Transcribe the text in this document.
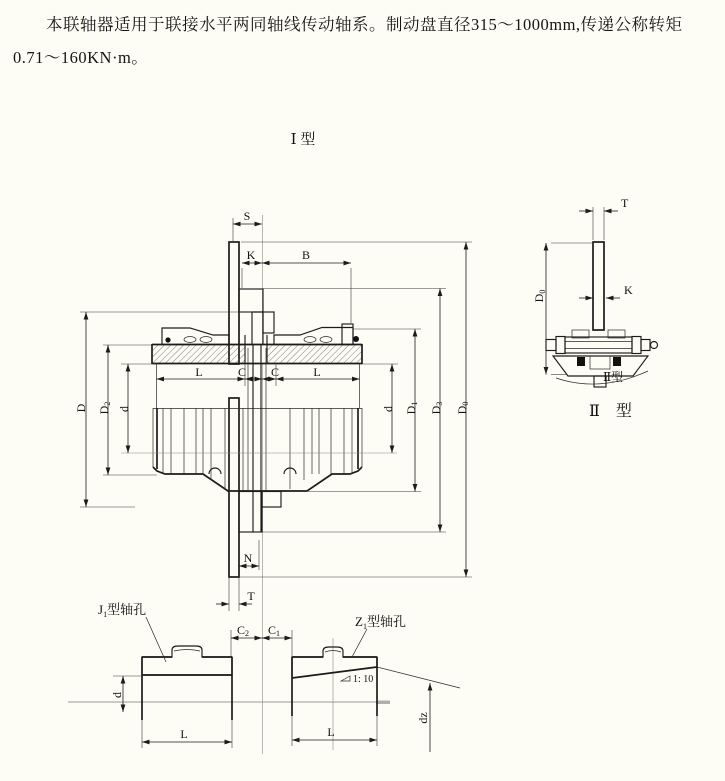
本联轴器适用于联接水平两同轴线传动轴系。制动盘直径315～1000mm,传递公称转矩0.71～160KN·m。

Ⅰ 型
S
K	B
L	C C	L
N
T
C2 C1
D D2
d	d D1
D3
D0
T
K
D0
Ⅱ型
Ⅱ 型
$J_1$型轴孔
d
L
$Z_1$型轴孔
1: 10
L
dz
